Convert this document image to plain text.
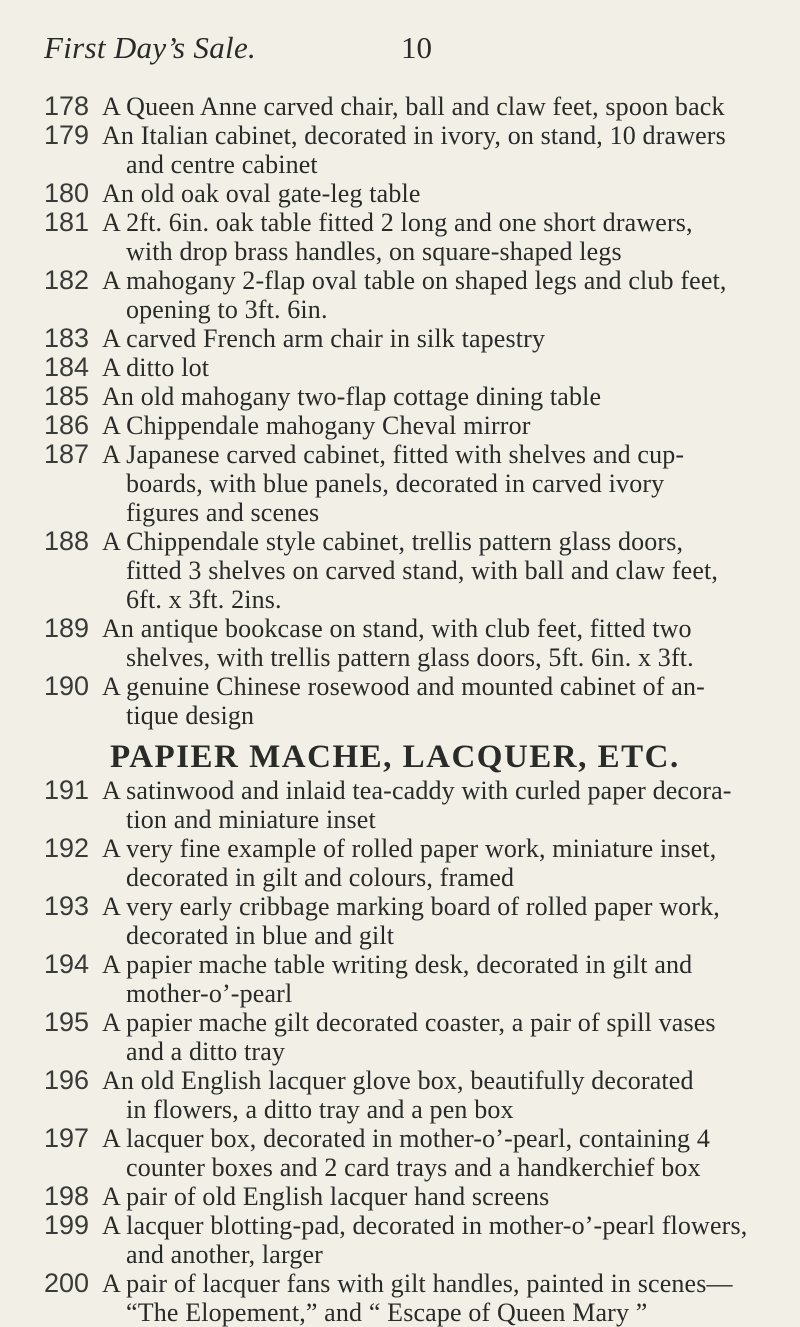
First Day’s Sale.	10
178 A Queen Anne carved chair, ball and claw feet, spoon back
179 An Italian cabinet, decorated in ivory, on stand, 10 drawers
and centre cabinet
180 An old oak oval gate-leg table
181 A 2ft. 6in. oak table fitted 2 long and one short drawers,
with drop brass handles, on square-shaped legs
182 A mahogany 2-flap oval table on shaped legs and club feet,
opening to 3ft. 6in.
183 A carved French arm chair in silk tapestry
184 A ditto lot
185 An old mahogany two-flap cottage dining table
186 A Chippendale mahogany Cheval mirror
187 A Japanese carved cabinet, fitted with shelves and cup-
boards, with blue panels, decorated in carved ivory
figures and scenes
188 A Chippendale style cabinet, trellis pattern glass doors,
fitted 3 shelves on carved stand, with ball and claw feet,
6ft. x 3ft. 2ins.
189 An antique bookcase on stand, with club feet, fitted two
shelves, with trellis pattern glass doors, 5ft. 6in. x 3ft.
190 A genuine Chinese rosewood and mounted cabinet of an-
tique design
PAPIER MACHE, LACQUER, ETC.
191 A satinwood and inlaid tea-caddy with curled paper decora-
tion and miniature inset
192 A very fine example of rolled paper work, miniature inset,
decorated in gilt and colours, framed
193 A very early cribbage marking board of rolled paper work,
decorated in blue and gilt
194 A papier mache table writing desk, decorated in gilt and
mother-o’-pearl
195 A papier mache gilt decorated coaster, a pair of spill vases
and a ditto tray
196 An old English lacquer glove box, beautifully decorated
in flowers, a ditto tray and a pen box
197 A lacquer box, decorated in mother-o’-pearl, containing 4
counter boxes and 2 card trays and a handkerchief box
198 A pair of old English lacquer hand screens
199 A lacquer blotting-pad, decorated in mother-o’-pearl flowers,
and another, larger
200 A pair of lacquer fans with gilt handles, painted in scenes—
“The Elopement,” and “ Escape of Queen Mary ”
